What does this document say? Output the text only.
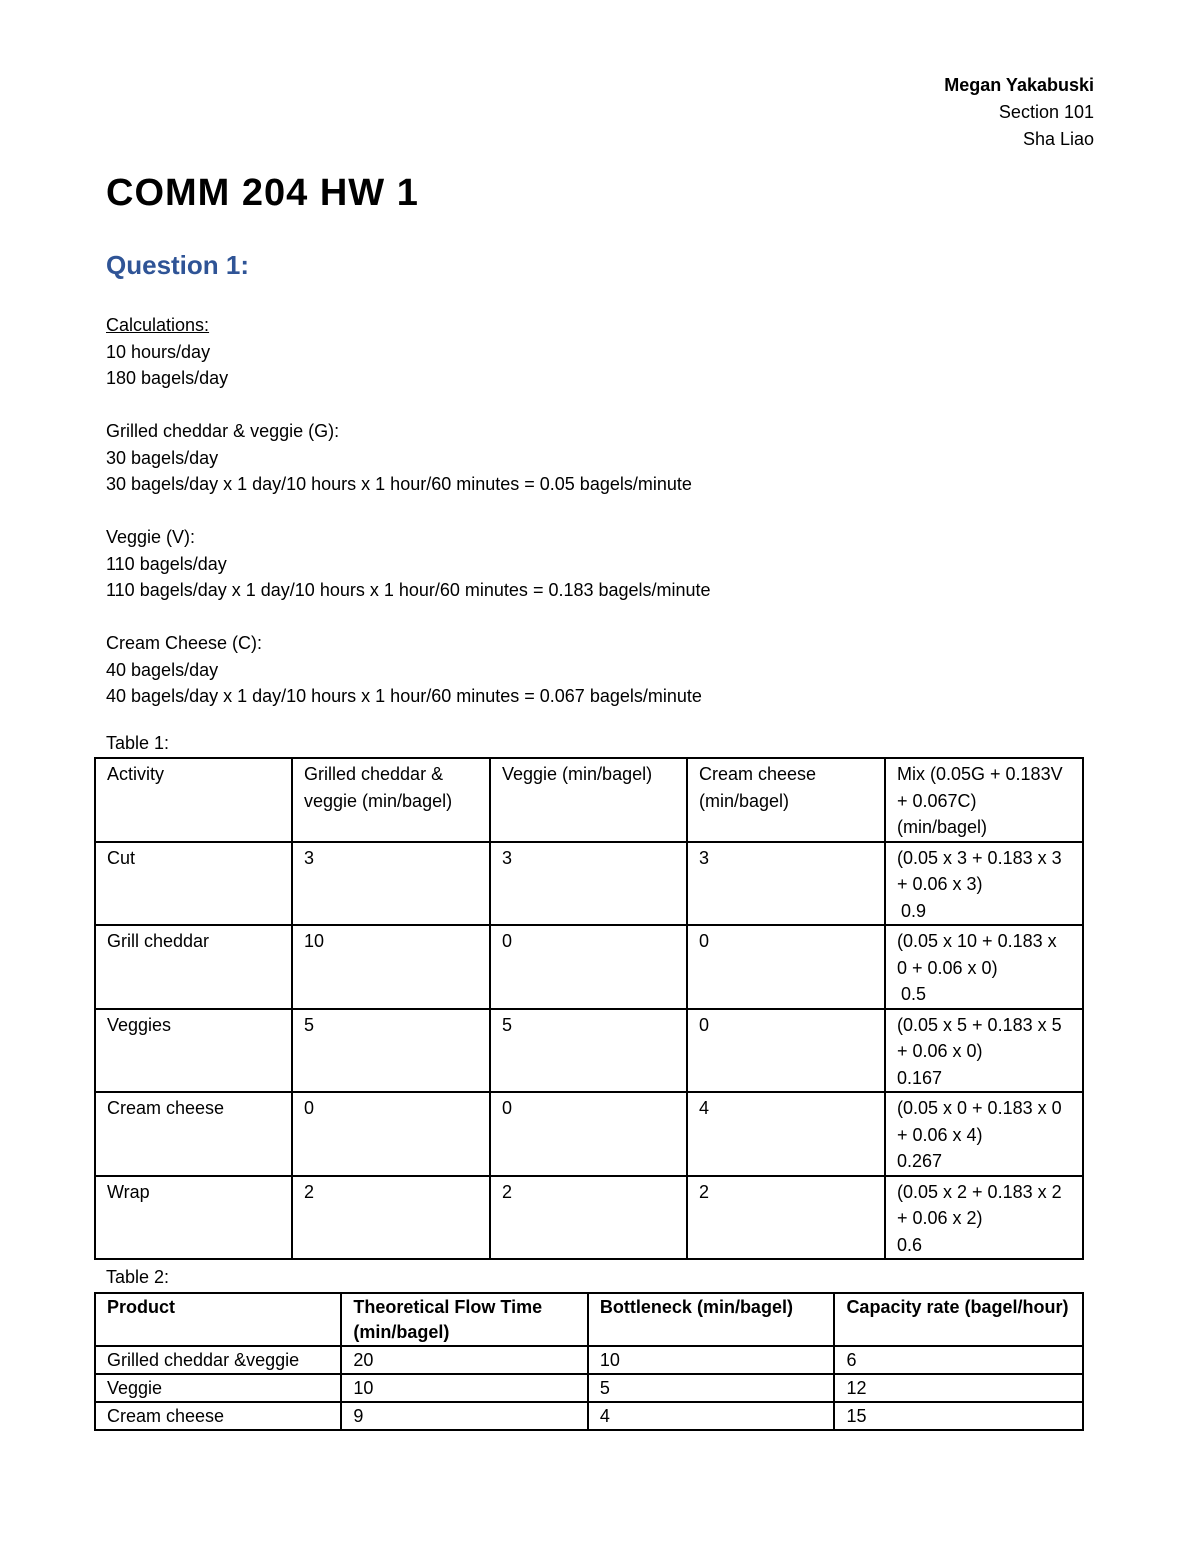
Megan Yakabuski
Section 101
Sha Liao
COMM 204 HW 1
Question 1:
Calculations:
10 hours/day
180 bagels/day
Grilled cheddar & veggie (G):
30 bagels/day
30 bagels/day x 1 day/10 hours x 1 hour/60 minutes = 0.05 bagels/minute
Veggie (V):
110 bagels/day
110 bagels/day x 1 day/10 hours x 1 hour/60 minutes = 0.183 bagels/minute
Cream Cheese (C):
40 bagels/day
40 bagels/day x 1 day/10 hours x 1 hour/60 minutes = 0.067 bagels/minute
Table 1:
Activity	Grilled cheddar & veggie (min/bagel)	Veggie (min/bagel)	Cream cheese (min/bagel)	Mix (0.05G + 0.183V + 0.067C) (min/bagel)
Cut	3	3	3	(0.05 x 3 + 0.183 x 3 + 0.06 x 3)
0.9

Grill cheddar	10	0	0	(0.05 x 10 + 0.183 x 0 + 0.06 x 0)
0.5

Veggies	5	5	0	(0.05 x 5 + 0.183 x 5 + 0.06 x 0)
0.167

Cream cheese	0	0	4	(0.05 x 0 + 0.183 x 0 + 0.06 x 4)
0.267

Wrap	2	2	2	(0.05 x 2 + 0.183 x 2 + 0.06 x 2)
0.6
Table 2:
Product	Theoretical Flow Time (min/bagel)	Bottleneck (min/bagel)	Capacity rate (bagel/hour)
Grilled cheddar &veggie	20	10	6
Veggie	10	5	12
Cream cheese	9	4	15
